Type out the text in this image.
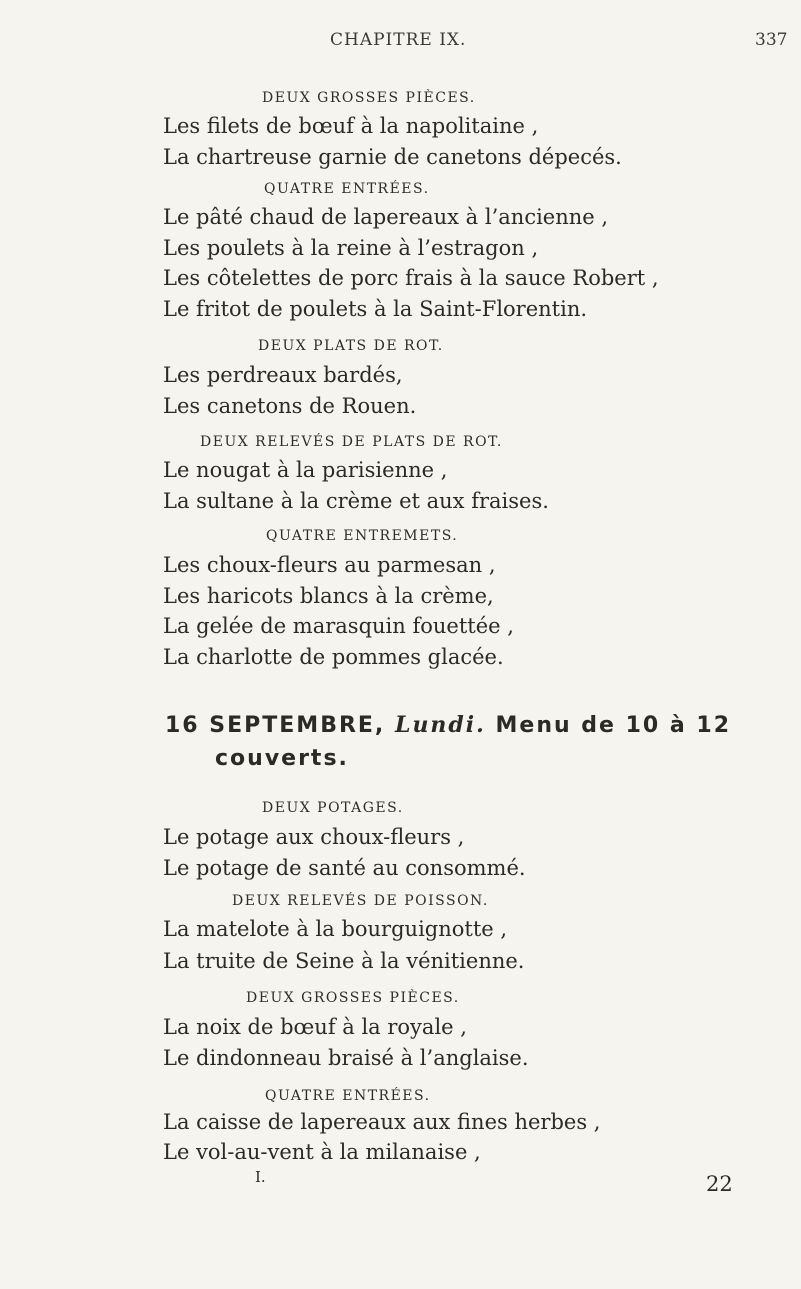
CHAPITRE IX.	337
DEUX GROSSES PIÈCES.
Les filets de bœuf à la napolitaine ,
La chartreuse garnie de canetons dépecés.
QUATRE ENTRÉES.
Le pâté chaud de lapereaux à l’ancienne ,
Les poulets à la reine à l’estragon ,
Les côtelettes de porc frais à la sauce Robert ,
Le fritot de poulets à la Saint-Florentin.
DEUX PLATS DE ROT.
Les perdreaux bardés,
Les canetons de Rouen.
DEUX RELEVÉS DE PLATS DE ROT.
Le nougat à la parisienne ,
La sultane à la crème et aux fraises.
QUATRE ENTREMETS.
Les choux-fleurs au parmesan ,
Les haricots blancs à la crème,
La gelée de marasquin fouettée ,
La charlotte de pommes glacée.
16 SEPTEMBRE, Lundi. Menu de 10 à 12
couverts.
DEUX POTAGES.
Le potage aux choux-fleurs ,
Le potage de santé au consommé.
DEUX RELEVÉS DE POISSON.
La matelote à la bourguignotte ,
La truite de Seine à la vénitienne.
DEUX GROSSES PIÈCES.
La noix de bœuf à la royale ,
Le dindonneau braisé à l’anglaise.
QUATRE ENTRÉES.
La caisse de lapereaux aux fines herbes ,
Le vol-au-vent à la milanaise ,
I.	22
